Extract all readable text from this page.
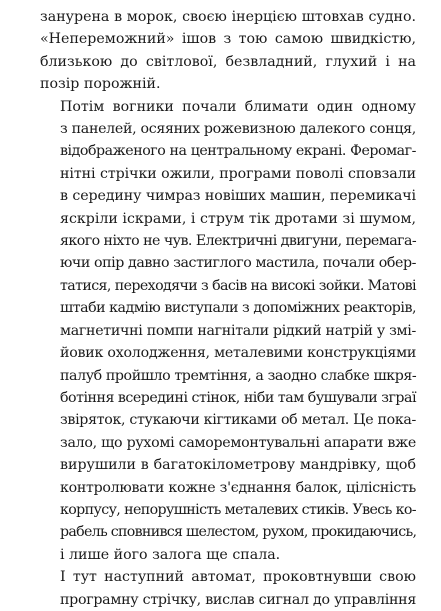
занурена в морок, своєю інерцією штовхав судно.
«Непереможний» ішов з тою самою швидкістю,
близькою до світлової, безвладний, глухий і на
позір порожній.

Потім вогники почали блимати один одному
з панелей, осяяних рожевизною далекого сонця,
відображеного на центральному екрані. Феромаг-
нітні стрічки ожили, програми поволі сповзали
в середину чимраз новіших машин, перемикачі
яскріли іскрами, і струм тік дротами зі шумом,
якого ніхто не чув. Електричні двигуни, перемага-
ючи опір давно застиглого мастила, почали обер-
татися, переходячи з басів на високі зойки. Матові
штаби кадмію виступали з допоміжних реакторів,
магнетичні помпи нагнітали рідкий натрій у змі-
йовик охолодження, металевими конструкціями
палуб пройшло тремтіння, а заодно слабке шкря-
ботіння всередині стінок, ніби там бушували зграї
звіряток, стукаючи кігтиками об метал. Це пока-
зало, що рухомі саморемонтувальні апарати вже
вирушили в багатокілометрову мандрівку, щоб
контролювати кожне з'єднання балок, цілісність
корпусу, непорушність металевих стиків. Увесь ко-
рабель сповнився шелестом, рухом, прокидаючись,
і лише його залога ще спала.

І тут наступний автомат, проковтнувши свою
програмну стрічку, вислав сигнал до управління
